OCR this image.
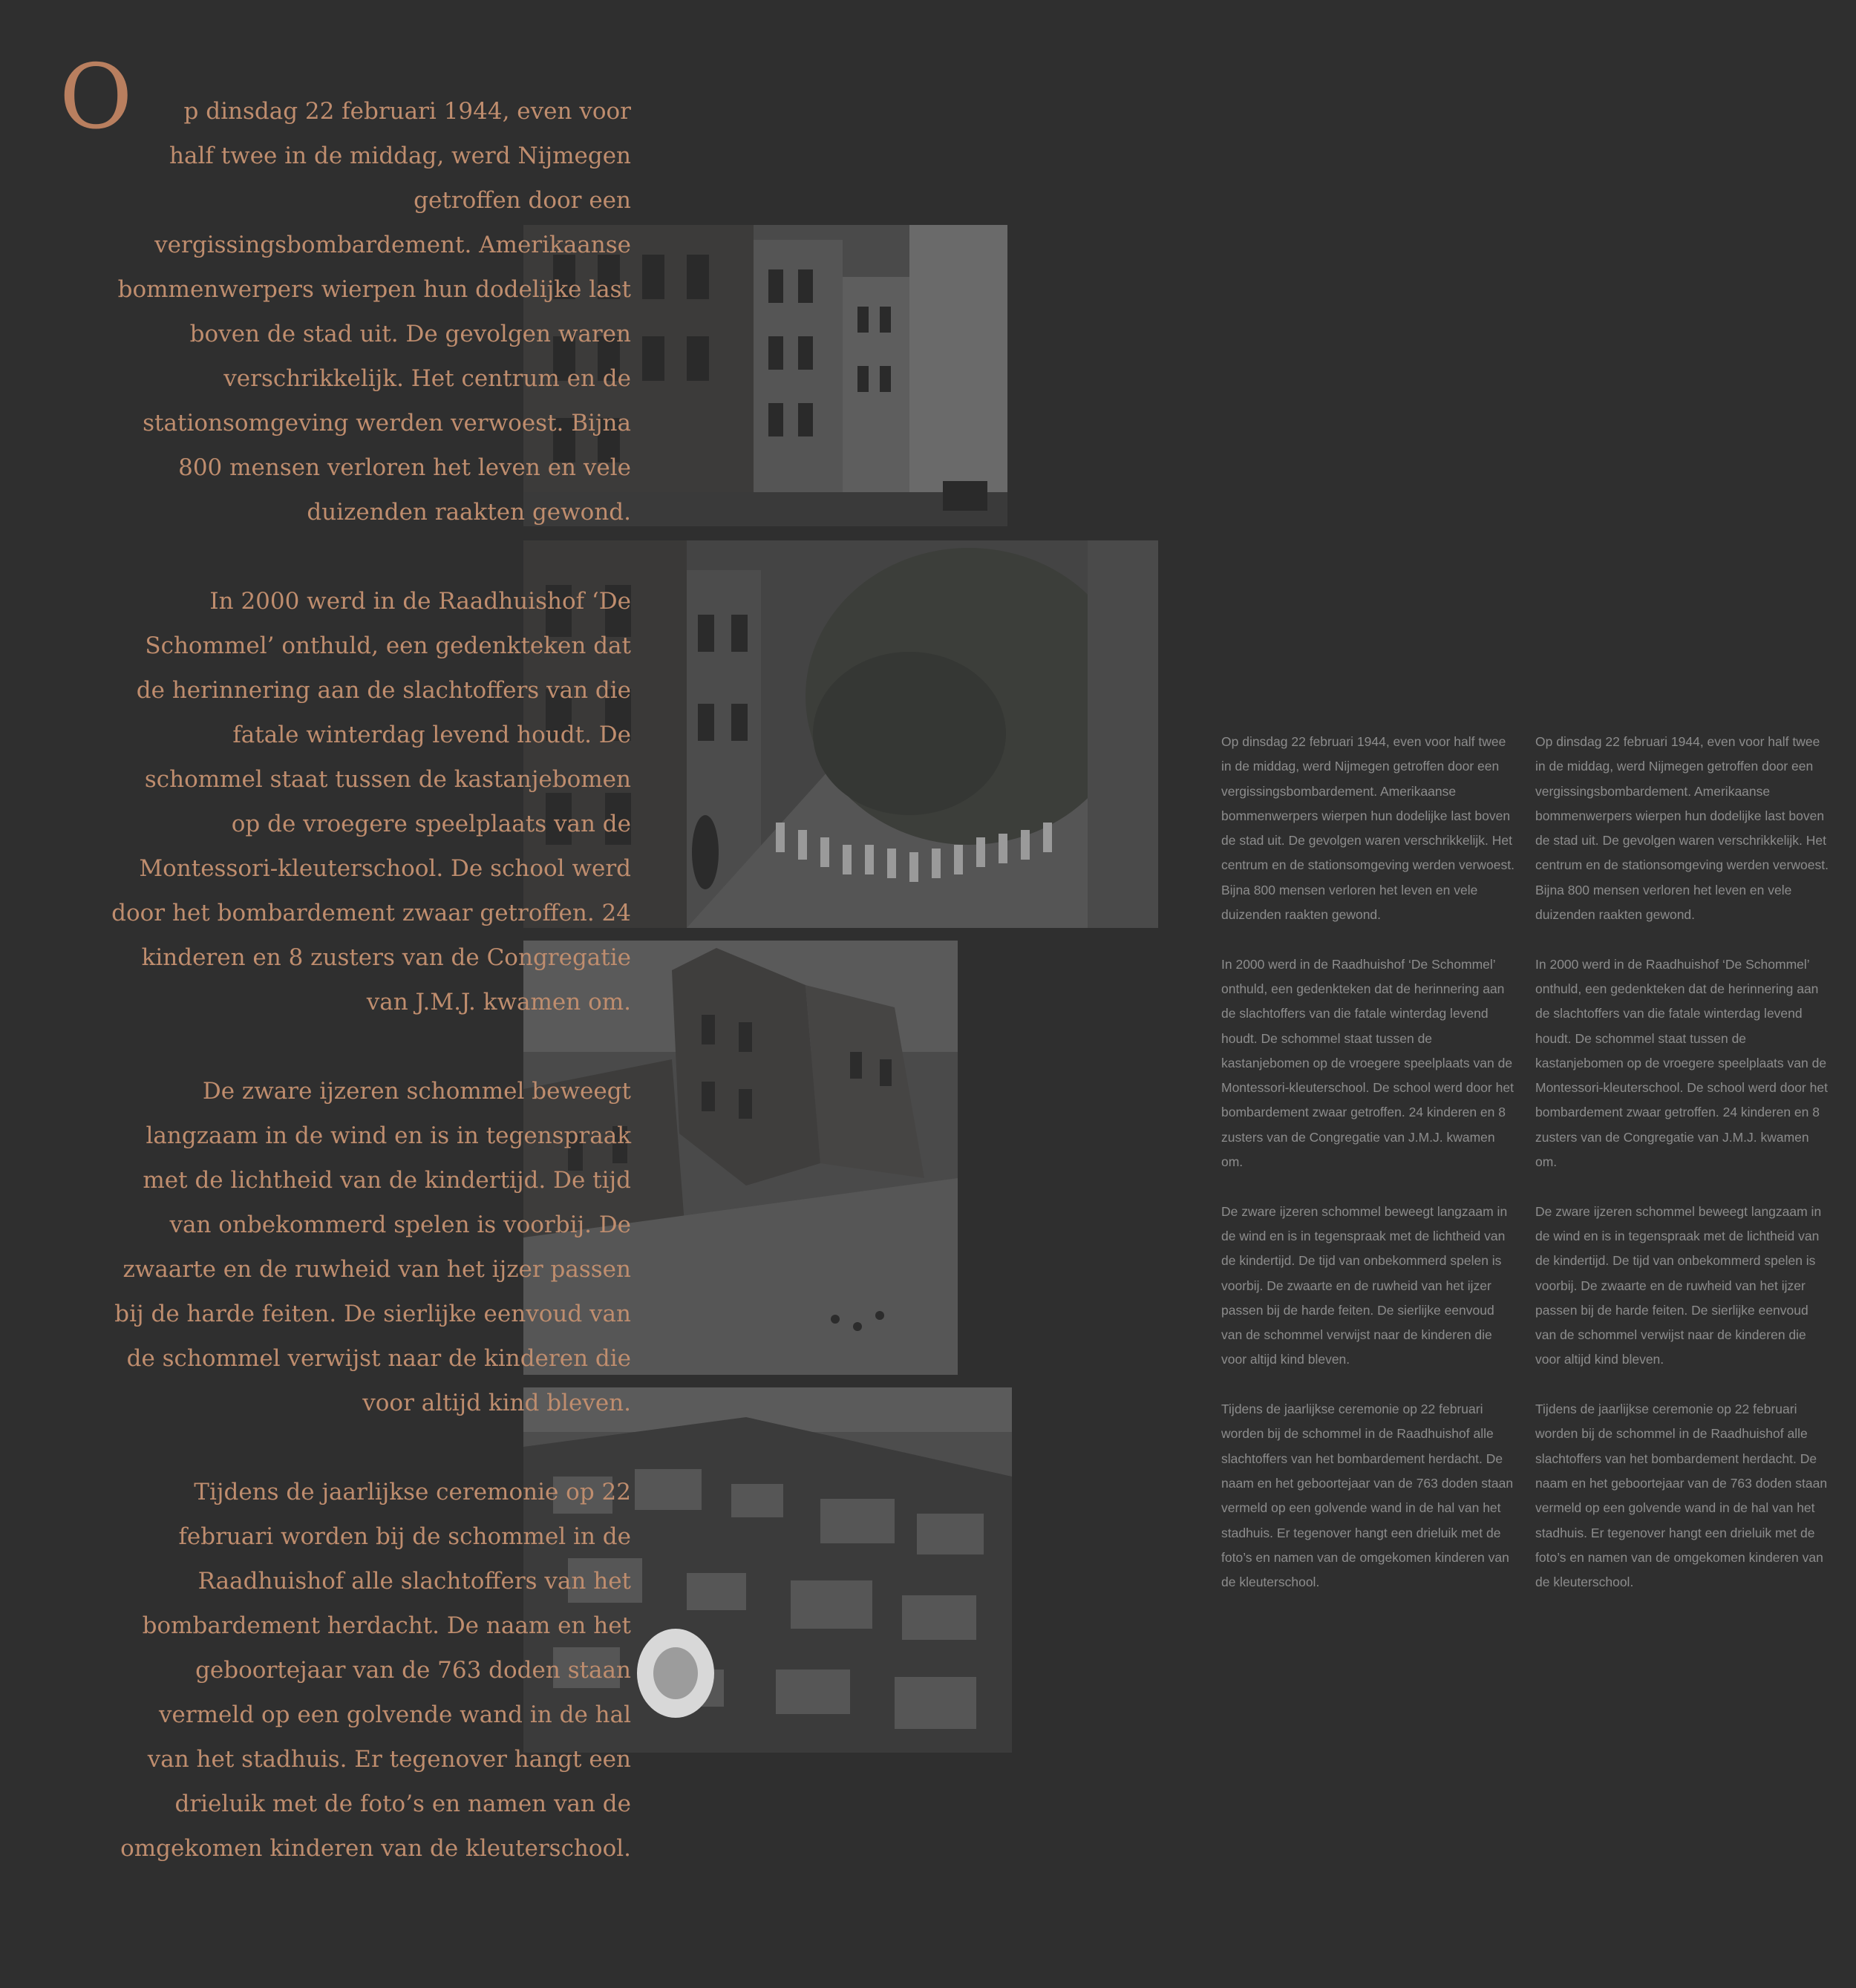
O p dinsdag 22 februari 1944, even voor half twee in de middag, werd Nijmegen getroffen door een vergissingsbombardement. Amerikaanse bommenwerpers wierpen hun dodelijke last boven de stad uit. De gevolgen waren verschrikkelijk. Het centrum en de stationsomgeving werden verwoest. Bijna 800 mensen verloren het leven en vele duizenden raakten gewond.

In 2000 werd in de Raadhuishof ‘De Schommel’ onthuld, een gedenkteken dat de herinnering aan de slachtoffers van die fatale winterdag levend houdt. De schommel staat tussen de kastanjebomen op de vroegere speelplaats van de Montessori-kleuterschool. De school werd door het bombardement zwaar getroffen. 24 kinderen en 8 zusters van de Congregatie van J.M.J. kwamen om.

De zware ijzeren schommel beweegt langzaam in de wind en is in tegenspraak met de lichtheid van de kindertijd. De tijd van onbekommerd spelen is voorbij. De zwaarte en de ruwheid van het ijzer passen bij de harde feiten. De sierlijke eenvoud van de schommel verwijst naar de kinderen die voor altijd kind bleven.

Tijdens de jaarlijkse ceremonie op 22 februari worden bij de schommel in de Raadhuishof alle slachtoffers van het bombardement herdacht. De naam en het geboortejaar van de 763 doden staan vermeld op een golvende wand in de hal van het stadhuis. Er tegenover hangt een drieluik met de foto’s en namen van de omgekomen kinderen van de kleuterschool.

Op dinsdag 22 februari 1944, even voor half twee in de middag, werd Nijmegen getroffen door een vergissingsbombardement. Amerikaanse bommenwerpers wierpen hun dodelijke last boven de stad uit. De gevolgen waren verschrikkelijk. Het centrum en de stationsomgeving werden verwoest. Bijna 800 mensen verloren het leven en vele duizenden raakten gewond.

In 2000 werd in de Raadhuishof ‘De Schommel’ onthuld, een gedenkteken dat de herinnering aan de slachtoffers van die fatale winterdag levend houdt. De schommel staat tussen de kastanjebomen op de vroegere speelplaats van de Montessori-kleuterschool. De school werd door het bombardement zwaar getroffen. 24 kinderen en 8 zusters van de Congregatie van J.M.J. kwamen om.

De zware ijzeren schommel beweegt langzaam in de wind en is in tegenspraak met de lichtheid van de kindertijd. De tijd van onbekommerd spelen is voorbij. De zwaarte en de ruwheid van het ijzer passen bij de harde feiten. De sierlijke eenvoud van de schommel verwijst naar de kinderen die voor altijd kind bleven.

Tijdens de jaarlijkse ceremonie op 22 februari worden bij de schommel in de Raadhuishof alle slachtoffers van het bombardement herdacht. De naam en het geboortejaar van de 763 doden staan vermeld op een golvende wand in de hal van het stadhuis. Er tegenover hangt een drieluik met de foto’s en namen van de omgekomen kinderen van de kleuterschool.

Op dinsdag 22 februari 1944, even voor half twee in de middag, werd Nijmegen getroffen door een vergissingsbombardement. Amerikaanse bommenwerpers wierpen hun dodelijke last boven de stad uit. De gevolgen waren verschrikkelijk. Het centrum en de stationsomgeving werden verwoest. Bijna 800 mensen verloren het leven en vele duizenden raakten gewond.

In 2000 werd in de Raadhuishof ‘De Schommel’ onthuld, een gedenkteken dat de herinnering aan de slachtoffers van die fatale winterdag levend houdt. De schommel staat tussen de kastanjebomen op de vroegere speelplaats van de Montessori-kleuterschool. De school werd door het bombardement zwaar getroffen. 24 kinderen en 8 zusters van de Congregatie van J.M.J. kwamen om.

De zware ijzeren schommel beweegt langzaam in de wind en is in tegenspraak met de lichtheid van de kindertijd. De tijd van onbekommerd spelen is voorbij. De zwaarte en de ruwheid van het ijzer passen bij de harde feiten. De sierlijke eenvoud van de schommel verwijst naar de kinderen die voor altijd kind bleven.

Tijdens de jaarlijkse ceremonie op 22 februari worden bij de schommel in de Raadhuishof alle slachtoffers van het bombardement herdacht. De naam en het geboortejaar van de 763 doden staan vermeld op een golvende wand in de hal van het stadhuis. Er tegenover hangt een drieluik met de foto’s en namen van de omgekomen kinderen van de kleuterschool.
